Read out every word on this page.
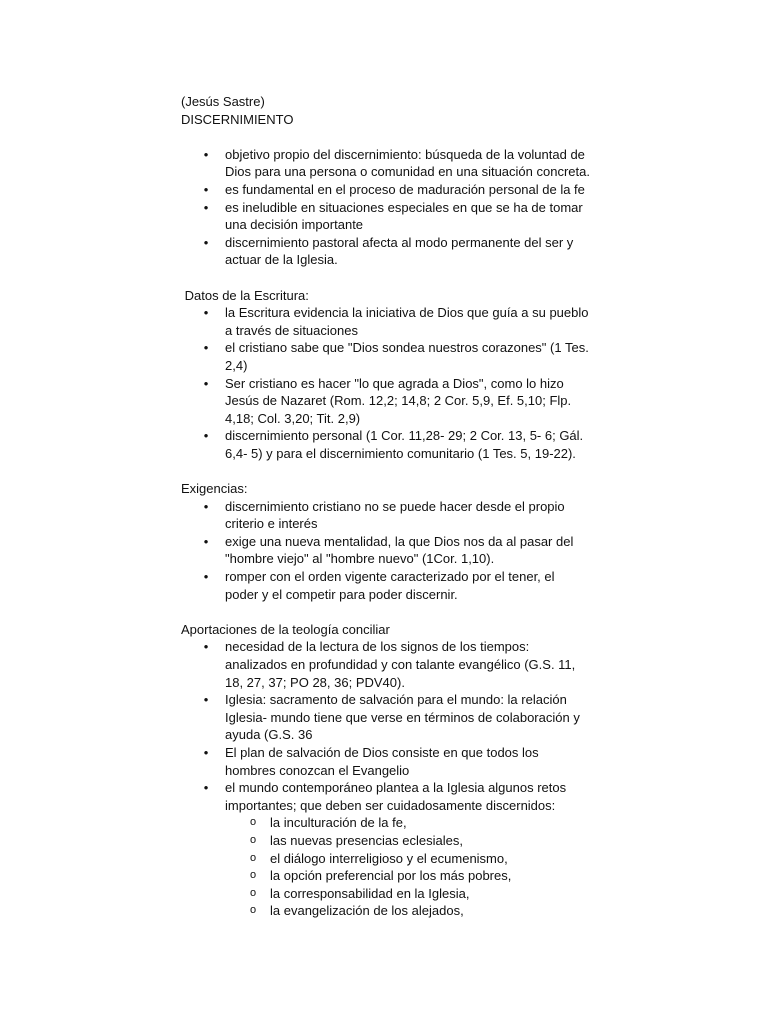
(Jesús Sastre)

DISCERNIMIENTO

• objetivo propio del discernimiento: búsqueda de la voluntad de Dios para una persona o comunidad en una situación concreta.
• es fundamental en el proceso de maduración personal de la fe
• es ineludible en situaciones especiales en que se ha de tomar una decisión importante
• discernimiento pastoral afecta al modo permanente del ser y actuar de la Iglesia.

Datos de la Escritura:

• la Escritura evidencia la iniciativa de Dios que guía a su pueblo a través de situaciones
• el cristiano sabe que "Dios sondea nuestros corazones" (1 Tes. 2,4)
• Ser cristiano es hacer "lo que agrada a Dios", como lo hizo Jesús de Nazaret (Rom. 12,2; 14,8; 2 Cor. 5,9, Ef. 5,10; Flp. 4,18; Col. 3,20; Tit. 2,9)
• discernimiento personal (1 Cor. 11,28- 29; 2 Cor. 13, 5- 6; Gál. 6,4- 5) y para el discernimiento comunitario (1 Tes. 5, 19-22).

Exigencias:

• discernimiento cristiano no se puede hacer desde el propio criterio e interés
• exige una nueva mentalidad, la que Dios nos da al pasar del "hombre viejo" al "hombre nuevo" (1Cor. 1,10).
• romper con el orden vigente caracterizado por el tener, el poder y el competir para poder discernir.

Aportaciones de la teología conciliar

• necesidad de la lectura de los signos de los tiempos: analizados en profundidad y con talante evangélico (G.S. 11, 18, 27, 37; PO 28, 36; PDV40).
• Iglesia: sacramento de salvación para el mundo: la relación Iglesia- mundo tiene que verse en términos de colaboración y ayuda (G.S. 36
• El plan de salvación de Dios consiste en que todos los hombres conozcan el Evangelio
• el mundo contemporáneo plantea a la Iglesia algunos retos importantes; que deben ser cuidadosamente discernidos:
o la inculturación de la fe,
o las nuevas presencias eclesiales,
o el diálogo interreligioso y el ecumenismo,
o la opción preferencial por los más pobres,
o la corresponsabilidad en la Iglesia,
o la evangelización de los alejados,
